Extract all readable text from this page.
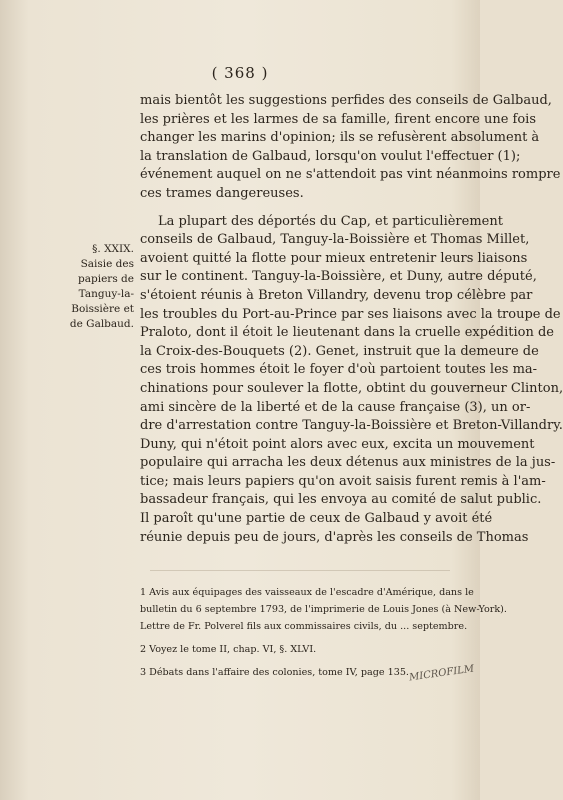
( 368 )
§. XXIX.
Saisie des
papiers de
Tanguy-la-
Boissière et
de Galbaud.
mais bientôt les suggestions perfides des conseils de Galbaud,
les prières et les larmes de sa famille, firent encore une fois
changer les marins d'opinion; ils se refusèrent absolument à
la translation de Galbaud, lorsqu'on voulut l'effectuer (1);
événement auquel on ne s'attendoit pas vint néanmoins rompre
ces trames dangereuses.
La plupart des déportés du Cap, et particulièrement
conseils de Galbaud, Tanguy-la-Boissière et Thomas Millet,
avoient quitté la flotte pour mieux entretenir leurs liaisons
sur le continent. Tanguy-la-Boissière, et Duny, autre député,
s'étoient réunis à Breton Villandry, devenu trop célèbre par
les troubles du Port-au-Prince par ses liaisons avec la troupe de
Praloto, dont il étoit le lieutenant dans la cruelle expédition de
la Croix-des-Bouquets (2). Genet, instruit que la demeure de
ces trois hommes étoit le foyer d'où partoient toutes les ma-
chinations pour soulever la flotte, obtint du gouverneur Clinton,
ami sincère de la liberté et de la cause française (3), un or-
dre d'arrestation contre Tanguy-la-Boissière et Breton-Villandry.
Duny, qui n'étoit point alors avec eux, excita un mouvement
populaire qui arracha les deux détenus aux ministres de la jus-
tice; mais leurs papiers qu'on avoit saisis furent remis à l'am-
bassadeur français, qui les envoya au comité de salut public.
Il paroît qu'une partie de ceux de Galbaud y avoit été
réunie depuis peu de jours, d'après les conseils de Thomas
1 Avis aux équipages des vaisseaux de l'escadre d'Amérique, dans le
bulletin du 6 septembre 1793, de l'imprimerie de Louis Jones (à New-York).
Lettre de Fr. Polverel fils aux commissaires civils, du ... septembre.
2 Voyez le tome II, chap. VI, §. XLVI.
3 Débats dans l'affaire des colonies, tome IV, page 135. MICROFILM
